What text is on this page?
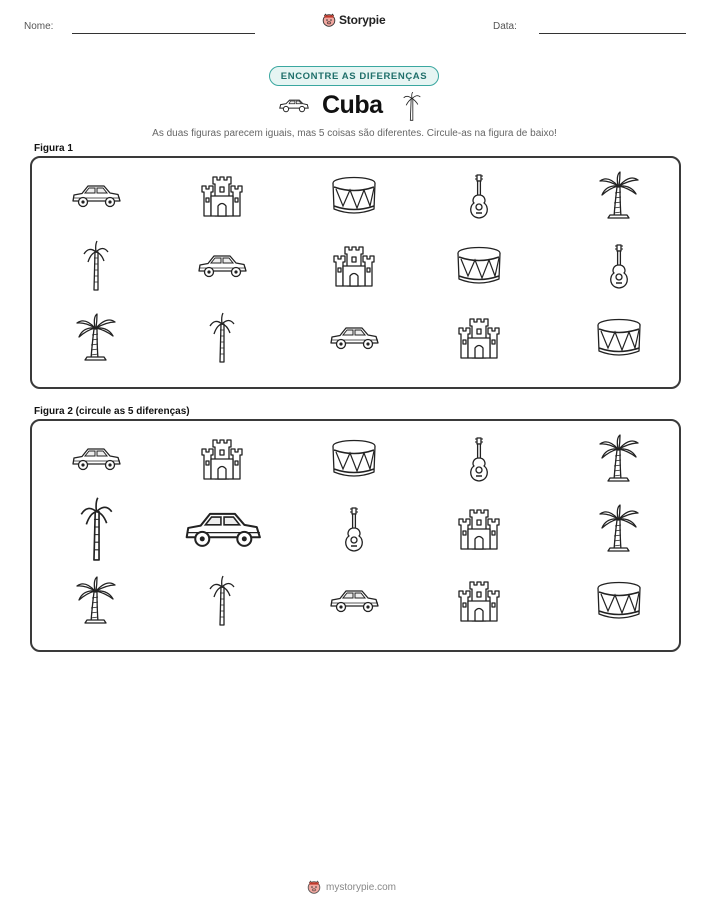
Nome:	Storypie	Data:
ENCONTRE AS DIFERENÇAS
Cuba
As duas figuras parecem iguais, mas 5 coisas são diferentes. Circule-as na figura de baixo!
Figura 1
Figura 2 (circule as 5 diferenças)
mystorypie.com
